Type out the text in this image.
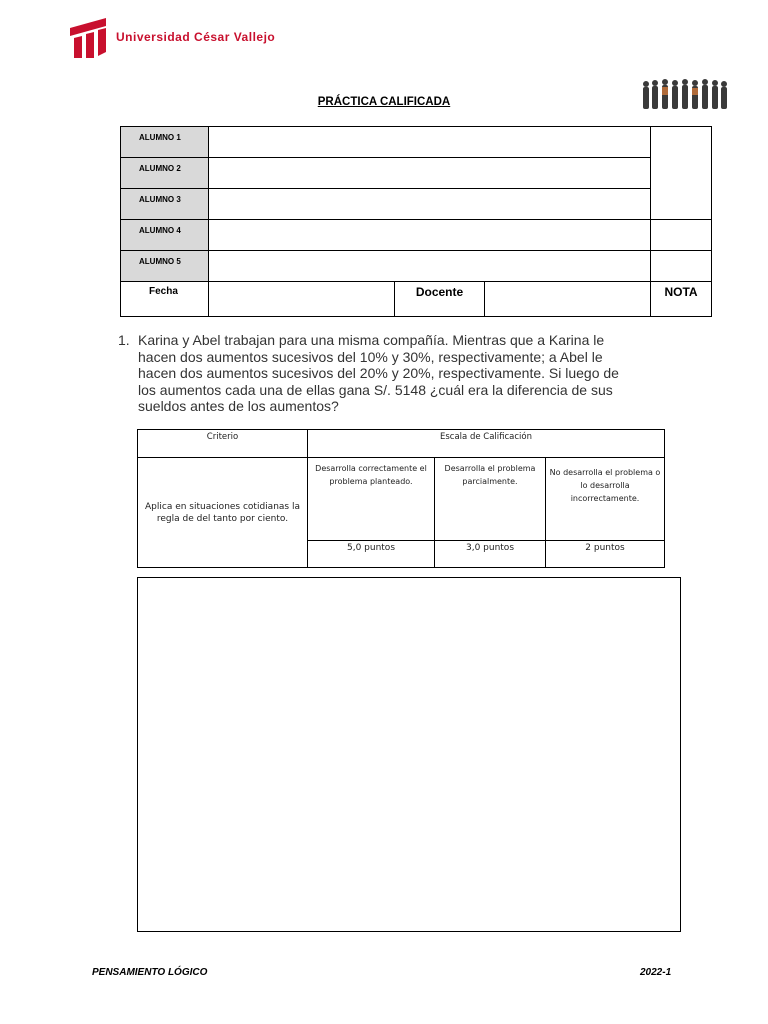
Universidad César Vallejo
PRÁCTICA CALIFICADA
ALUMNO 1				
ALUMNO 2				
ALUMNO 3				
ALUMNO 4				
ALUMNO 5				
Fecha		Docente		NOTA
1. Karina y Abel trabajan para una misma compañía. Mientras que a Karina le hacen dos aumentos sucesivos del 10% y 30%, respectivamente; a Abel le hacen dos aumentos sucesivos del 20% y 20%, respectivamente. Si luego de los aumentos cada una de ellas gana S/. 5148 ¿cuál era la diferencia de sus sueldos antes de los aumentos?
Criterio	Escala de Calificación		
Aplica en situaciones cotidianas la regla de del tanto por ciento.	Desarrolla correctamente el problema planteado.	Desarrolla el problema parcialmente.	No desarrolla el problema o lo desarrolla incorrectamente.
	5,0 puntos	3,0 puntos	2 puntos
PENSAMIENTO LÓGICO	2022-1
